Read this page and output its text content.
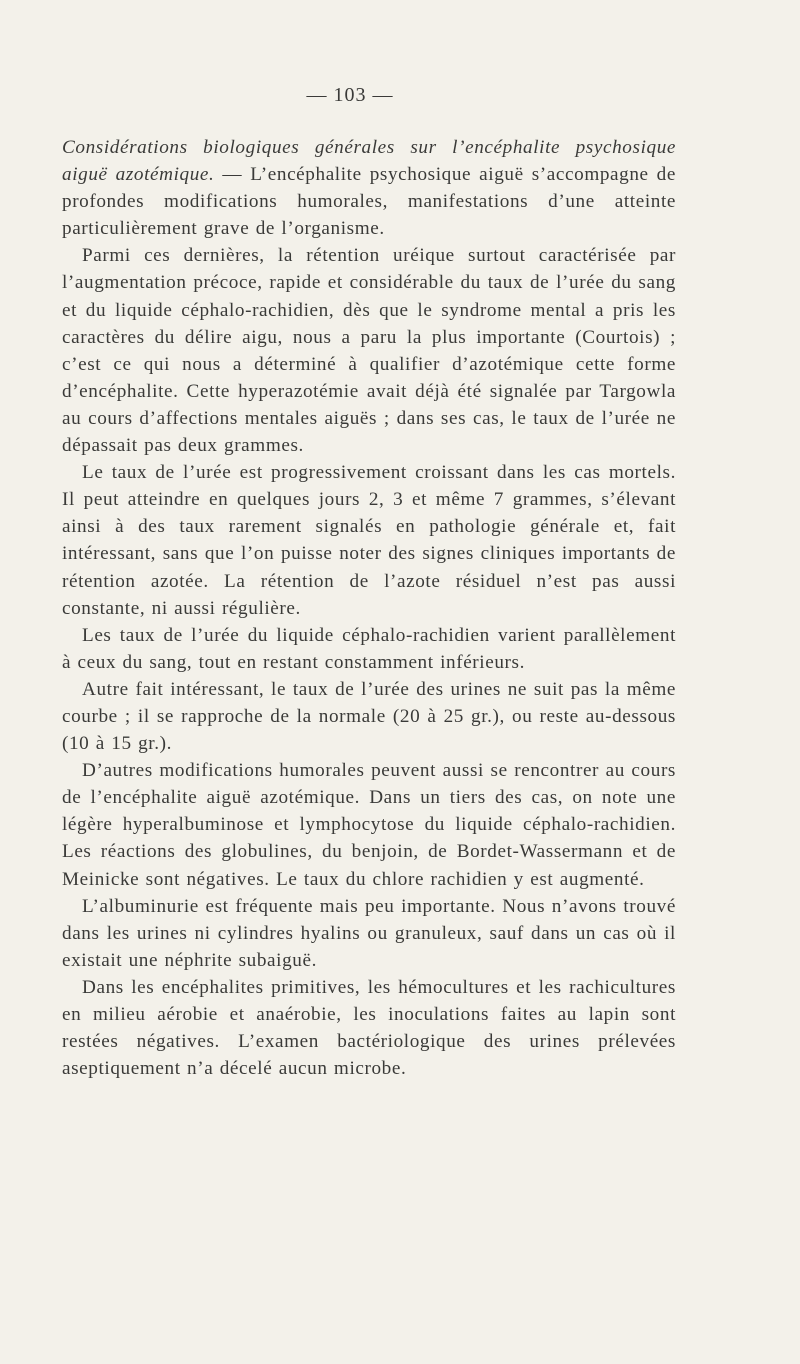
— 103 —

Considérations biologiques générales sur l’encéphalite psychosique aiguë azotémique. — L’encéphalite psychosique aiguë s’accompagne de profondes modifications humorales, manifestations d’une atteinte particulièrement grave de l’organisme.

Parmi ces dernières, la rétention uréique surtout caractérisée par l’augmentation précoce, rapide et considérable du taux de l’urée du sang et du liquide céphalo-rachidien, dès que le syndrome mental a pris les caractères du délire aigu, nous a paru la plus importante (Courtois) ; c’est ce qui nous a déterminé à qualifier d’azotémique cette forme d’encéphalite. Cette hyperazotémie avait déjà été signalée par Targowla au cours d’affections mentales aiguës ; dans ses cas, le taux de l’urée ne dépassait pas deux grammes.

Le taux de l’urée est progressivement croissant dans les cas mortels. Il peut atteindre en quelques jours 2, 3 et même 7 grammes, s’élevant ainsi à des taux rarement signalés en pathologie générale et, fait intéressant, sans que l’on puisse noter des signes cliniques importants de rétention azotée. La rétention de l’azote résiduel n’est pas aussi constante, ni aussi régulière.

Les taux de l’urée du liquide céphalo-rachidien varient parallèlement à ceux du sang, tout en restant constamment inférieurs.

Autre fait intéressant, le taux de l’urée des urines ne suit pas la même courbe ; il se rapproche de la normale (20 à 25 gr.), ou reste au-dessous (10 à 15 gr.).

D’autres modifications humorales peuvent aussi se rencontrer au cours de l’encéphalite aiguë azotémique. Dans un tiers des cas, on note une légère hyperalbuminose et lymphocytose du liquide céphalo-rachidien. Les réactions des globulines, du benjoin, de Bordet-Wassermann et de Meinicke sont négatives. Le taux du chlore rachidien y est augmenté.

L’albuminurie est fréquente mais peu importante. Nous n’avons trouvé dans les urines ni cylindres hyalins ou granuleux, sauf dans un cas où il existait une néphrite subaiguë.

Dans les encéphalites primitives, les hémocultures et les rachicultures en milieu aérobie et anaérobie, les inoculations faites au lapin sont restées négatives. L’examen bactériologique des urines prélevées aseptiquement n’a décelé aucun microbe.
